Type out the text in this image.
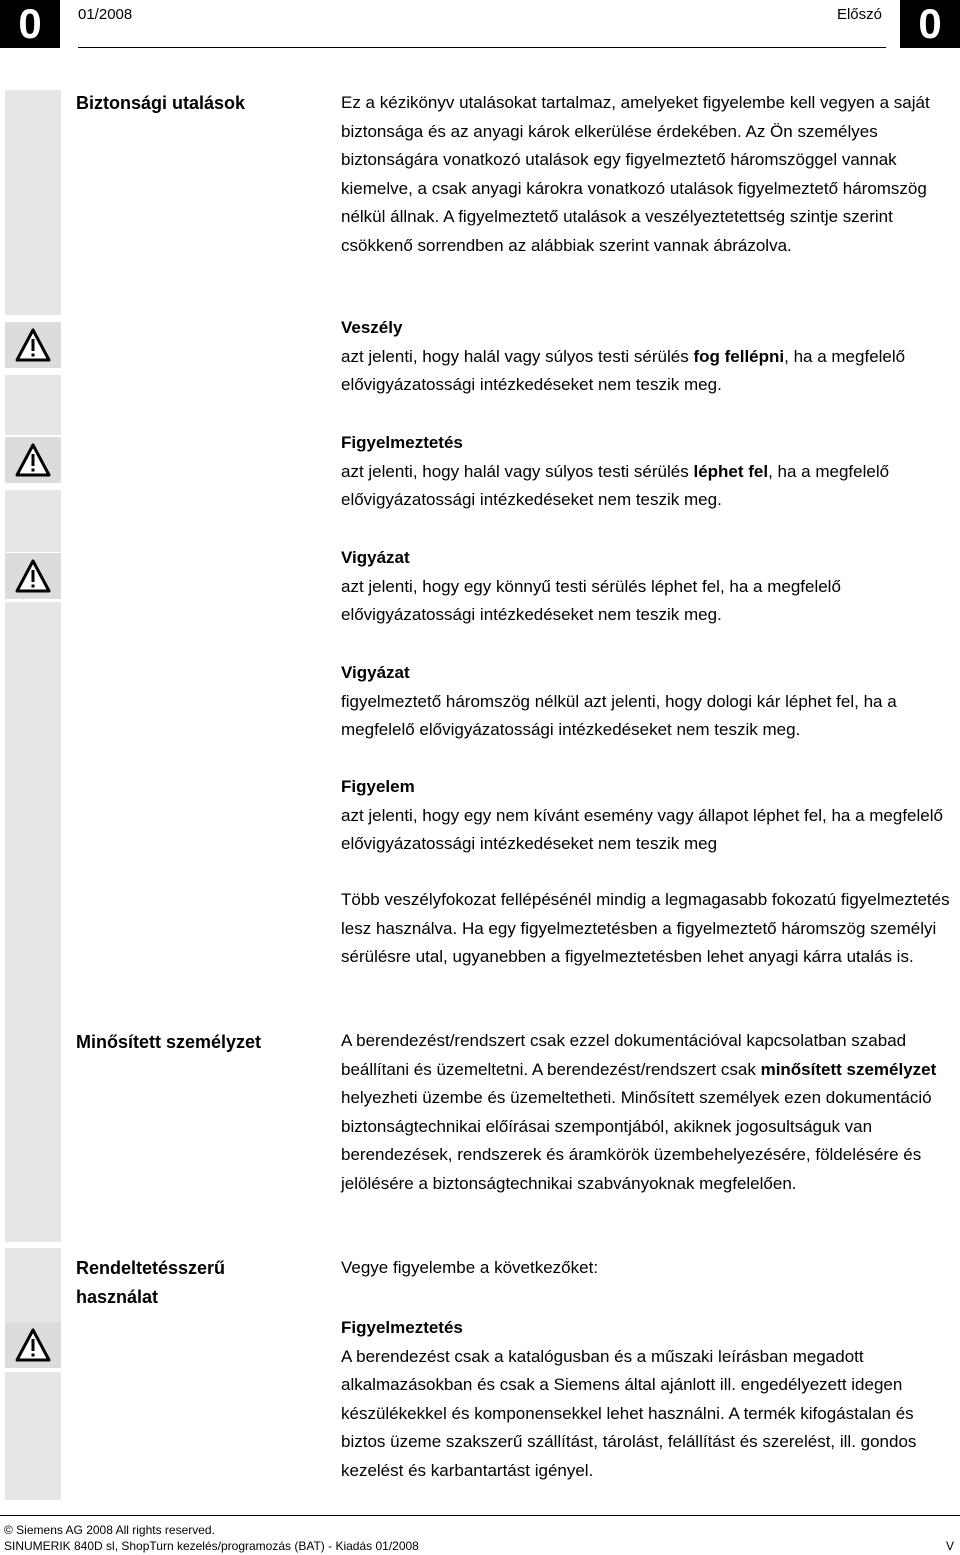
0	01/2008	Előszó 0
Biztonsági utalások	Ez a kézikönyv utalásokat tartalmaz, amelyeket figyelembe kell vegyen a saját biztonsága és az anyagi károk elkerülése érdekében. Az Ön személyes biztonságára vonatkozó utalások egy figyelmeztető háromszöggel vannak kiemelve, a csak anyagi károkra vonatkozó utalások figyelmeztető háromszög nélkül állnak. A figyelmeztető utalások a veszélyeztetettség szintje szerint csökkenő sorrendben az alábbiak szerint vannak ábrázolva.

Veszély

azt jelenti, hogy halál vagy súlyos testi sérülés fog fellépni, ha a megfelelő elővigyázatossági intézkedéseket nem teszik meg.

Figyelmeztetés

azt jelenti, hogy halál vagy súlyos testi sérülés léphet fel, ha a megfelelő elővigyázatossági intézkedéseket nem teszik meg.

Vigyázat

azt jelenti, hogy egy könnyű testi sérülés léphet fel, ha a megfelelő elővigyázatossági intézkedéseket nem teszik meg.

Vigyázat

figyelmeztető háromszög nélkül azt jelenti, hogy dologi kár léphet fel, ha a megfelelő elővigyázatossági intézkedéseket nem teszik meg.

Figyelem

azt jelenti, hogy egy nem kívánt esemény vagy állapot léphet fel, ha a megfelelő elővigyázatossági intézkedéseket nem teszik meg

Több veszélyfokozat fellépésénél mindig a legmagasabb fokozatú figyelmeztetés lesz használva. Ha egy figyelmeztetésben a figyelmeztető háromszög személyi sérülésre utal, ugyanebben a figyelmeztetésben lehet anyagi kárra utalás is.

Minősített személyzet	A berendezést/rendszert csak ezzel dokumentációval kapcsolatban szabad beállítani és üzemeltetni. A berendezést/rendszert csak minősített személyzet helyezheti üzembe és üzemeltetheti. Minősített személyek ezen dokumentáció biztonságtechnikai előírásai szempontjából, akiknek jogosultságuk van berendezések, rendszerek és áramkörök üzembehelyezésére, földelésére és jelölésére a biztonságtechnikai szabványoknak megfelelően.

Rendeltetésszerű használat

Vegye figyelembe a következőket:

Figyelmeztetés

A berendezést csak a katalógusban és a műszaki leírásban megadott alkalmazásokban és csak a Siemens által ajánlott ill. engedélyezett idegen készülékekkel és komponensekkel lehet használni. A termék kifogástalan és biztos üzeme szakszerű szállítást, tárolást, felállítást és szerelést, ill. gondos kezelést és karbantartást igényel.

© Siemens AG 2008 All rights reserved.
SINUMERIK 840D sl, ShopTurn kezelés/programozás (BAT) - Kiadás 01/2008	V
